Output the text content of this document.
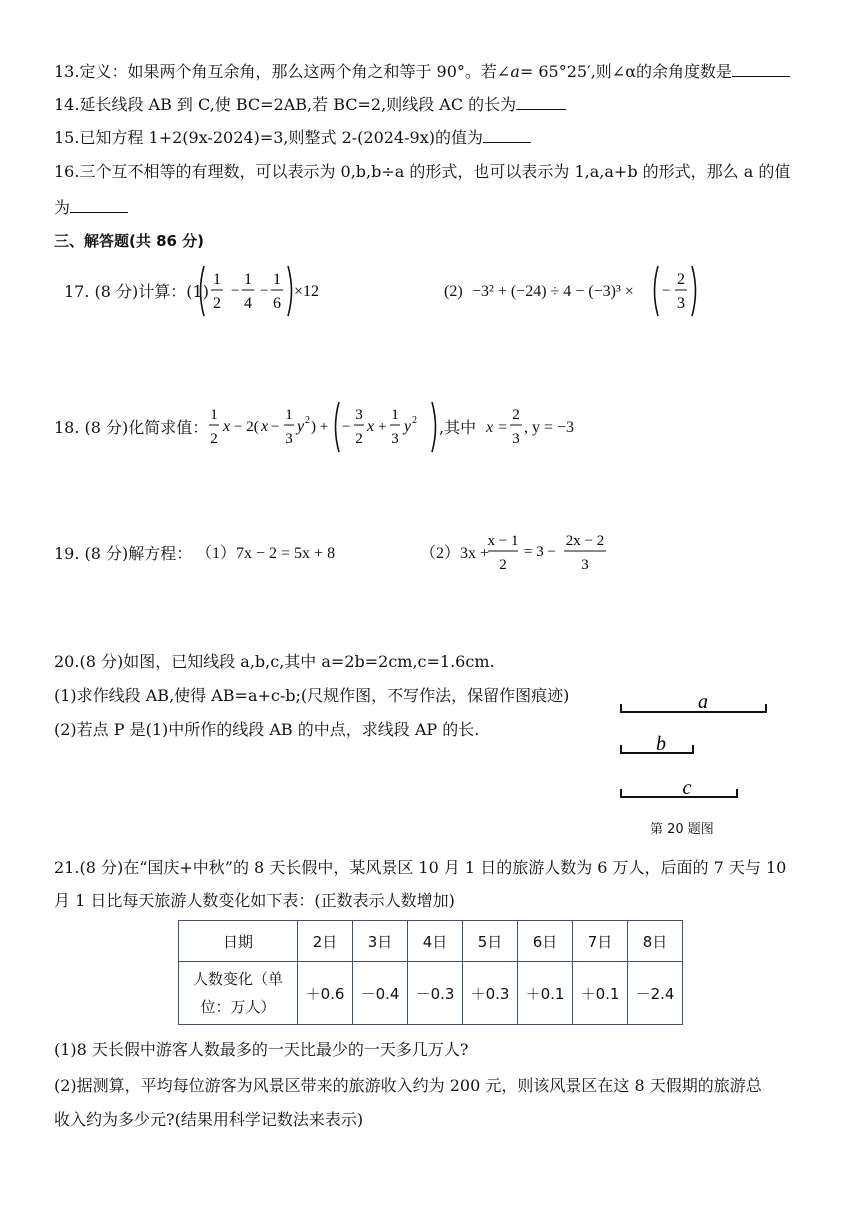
13.定义：如果两个角互余角，那么这两个角之和等于 90°。若∠a= 65°25′,则∠α的余角度数是
14.延长线段 AB 到 C,使 BC=2AB,若 BC=2,则线段 AC 的长为
15.已知方程 1+2(9x-2024)=3,则整式 2-(2024-9x)的值为
16.三个互不相等的有理数，可以表示为 0,b,b÷a 的形式，也可以表示为 1,a,a+b 的形式，那么 a 的值
为
三、解答题(共 86 分)
17. (8 分)计算：(1)
1
2
−
1
4
−
1
6
×12	(2) −3² + (−24) ÷ 4 − (−3)³ × −
2
3
18. (8 分)化简求值：
1
2
x − 2( x −
1
3
y 2 ) + −
3
2
x +
1
3
y 2 ,其中 x =
2
3
, y = −3
19. (8 分)解方程： （1）7x − 2 = 5x + 8	（2）3x +
x − 1
2
= 3 −
2x − 2
3
20.(8 分)如图，已知线段 a,b,c,其中 a=2b=2cm,c=1.6cm.
(1)求作线段 AB,使得 AB=a+c-b;(尺规作图，不写作法，保留作图痕迹)
(2)若点 P 是(1)中所作的线段 AB 的中点，求线段 AP 的长.
a
b
c
第 20 题图
21.(8 分)在“国庆+中秋”的 8 天长假中，某风景区 10 月 1 日的旅游人数为 6 万人，后面的 7 天与 10
月 1 日比每天旅游人数变化如下表：(正数表示人数增加)
日期	2日	3日	4日	5日	6日	7日	8日

人数变化（单
位：万人）	＋0.6	－0.4	－0.3	＋0.3	＋0.1	＋0.1	－2.4
(1)8 天长假中游客人数最多的一天比最少的一天多几万人?
(2)据测算，平均每位游客为风景区带来的旅游收入约为 200 元，则该风景区在这 8 天假期的旅游总
收入约为多少元?(结果用科学记数法来表示)
